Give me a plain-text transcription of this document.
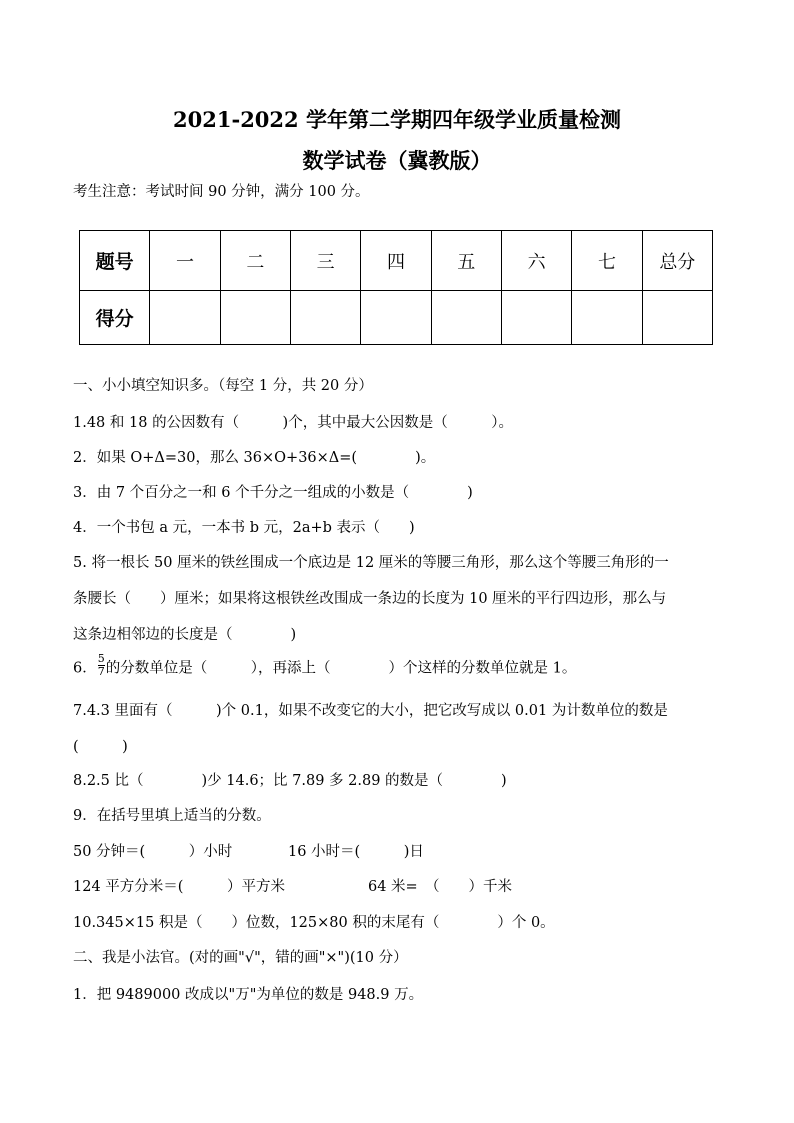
2021-2022 学年第二学期四年级学业质量检测
数学试卷（冀教版）
考生注意：考试时间 90 分钟，满分 100 分。
题号	一	二	三	四	五	六	七	总分
得分								
一、小小填空知识多。（每空 1 分，共 20 分）
1.48 和 18 的公因数有（　　　)个，其中最大公因数是（　　　）。
2．如果 O+Δ=30，那么 36×O+36×Δ=(　　　　)。
3．由 7 个百分之一和 6 个千分之一组成的小数是（　　　　)
4．一个书包 a 元，一本书 b 元，2a+b 表示（　　)
5. 将一根长 50 厘米的铁丝围成一个底边是 12 厘米的等腰三角形，那么这个等腰三角形的一
条腰长（　　）厘米；如果将这根铁丝改围成一条边的长度为 10 厘米的平行四边形，那么与
这条边相邻边的长度是（　　　　)
6． $\frac{5}{7}$ 的分数单位是（　　　），再添上（　　　　）个这样的分数单位就是 1。
7.4.3 里面有（　　　)个 0.1，如果不改变它的大小，把它改写成以 0.01 为计数单位的数是
(　　　)
8.2.5 比（　　　　)少 14.6；比 7.89 多 2.89 的数是（　　　　)
9．在括号里填上适当的分数。
50 分钟＝(　　　）小时	16 小时＝(　　　)日
124 平方分米＝(　　　）平方米	64 米=　（　　）千米
10.345×15 积是（　　）位数，125×80 积的末尾有（　　　　）个 0。
二、我是小法官。(对的画"√"，错的画"×")(10 分）
1．把 9489000 改成以"万"为单位的数是 948.9 万。
